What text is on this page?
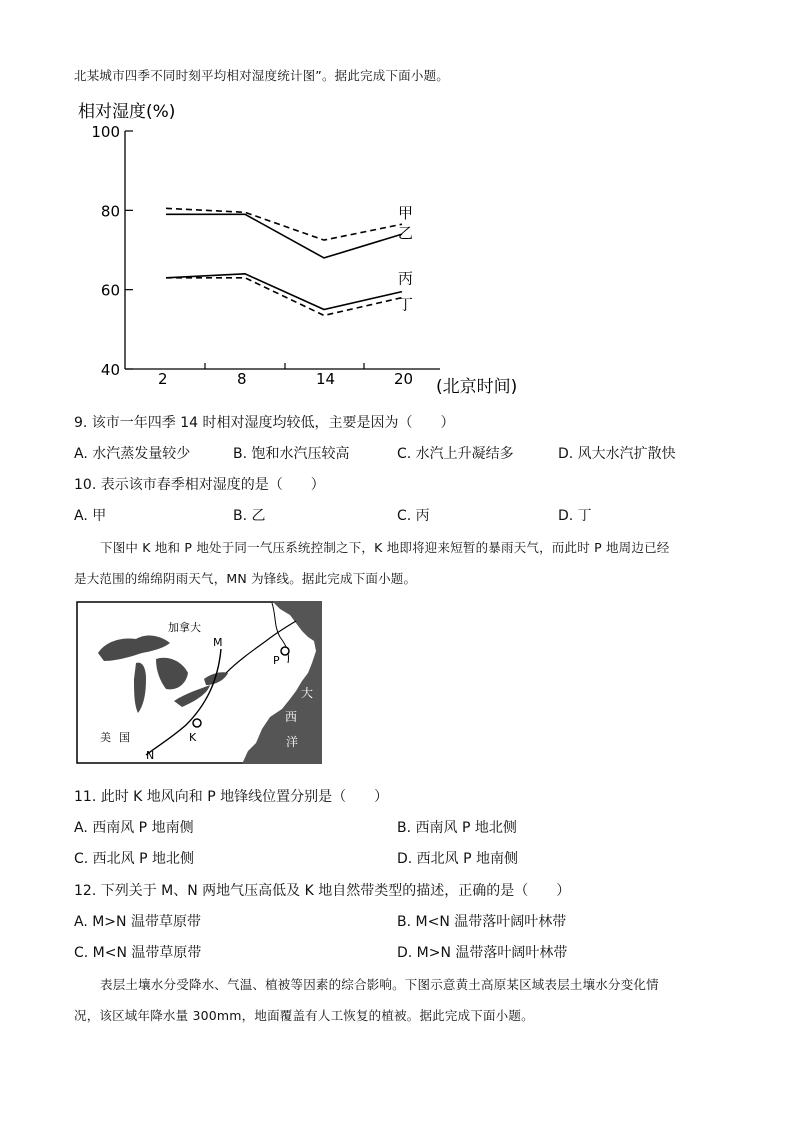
北某城市四季不同时刻平均相对湿度统计图”。据此完成下面小题。
相对湿度(%)
40
60
80
100
2	8	14	20
甲
乙
丙
丁
(北京时间)
9. 该市一年四季 14 时相对湿度均较低，主要是因为（　　）
A. 水汽蒸发量较少	B. 饱和水汽压较高	C. 水汽上升凝结多	D. 风大水汽扩散快
10. 表示该市春季相对湿度的是（　　）
A. 甲	B. 乙	C. 丙	D. 丁
下图中 K 地和 P 地处于同一气压系统控制之下，K 地即将迎来短暂的暴雨天气，而此时 P 地周边已经
是大范围的绵绵阴雨天气，MN 为锋线。据此完成下面小题。
加拿大
M
P
K
美国
N
大
西
洋
11. 此时 K 地风向和 P 地锋线位置分别是（　　）
A. 西南风 P 地南侧	B. 西南风 P 地北侧
C. 西北风 P 地北侧	D. 西北风 P 地南侧
12. 下列关于 M、N 两地气压高低及 K 地自然带类型的描述，正确的是（　　）
A. M>N 温带草原带	B. M<N 温带落叶阔叶林带
C. M<N 温带草原带	D. M>N 温带落叶阔叶林带
表层土壤水分受降水、气温、植被等因素的综合影响。下图示意黄土高原某区域表层土壤水分变化情
况，该区域年降水量 300mm，地面覆盖有人工恢复的植被。据此完成下面小题。
